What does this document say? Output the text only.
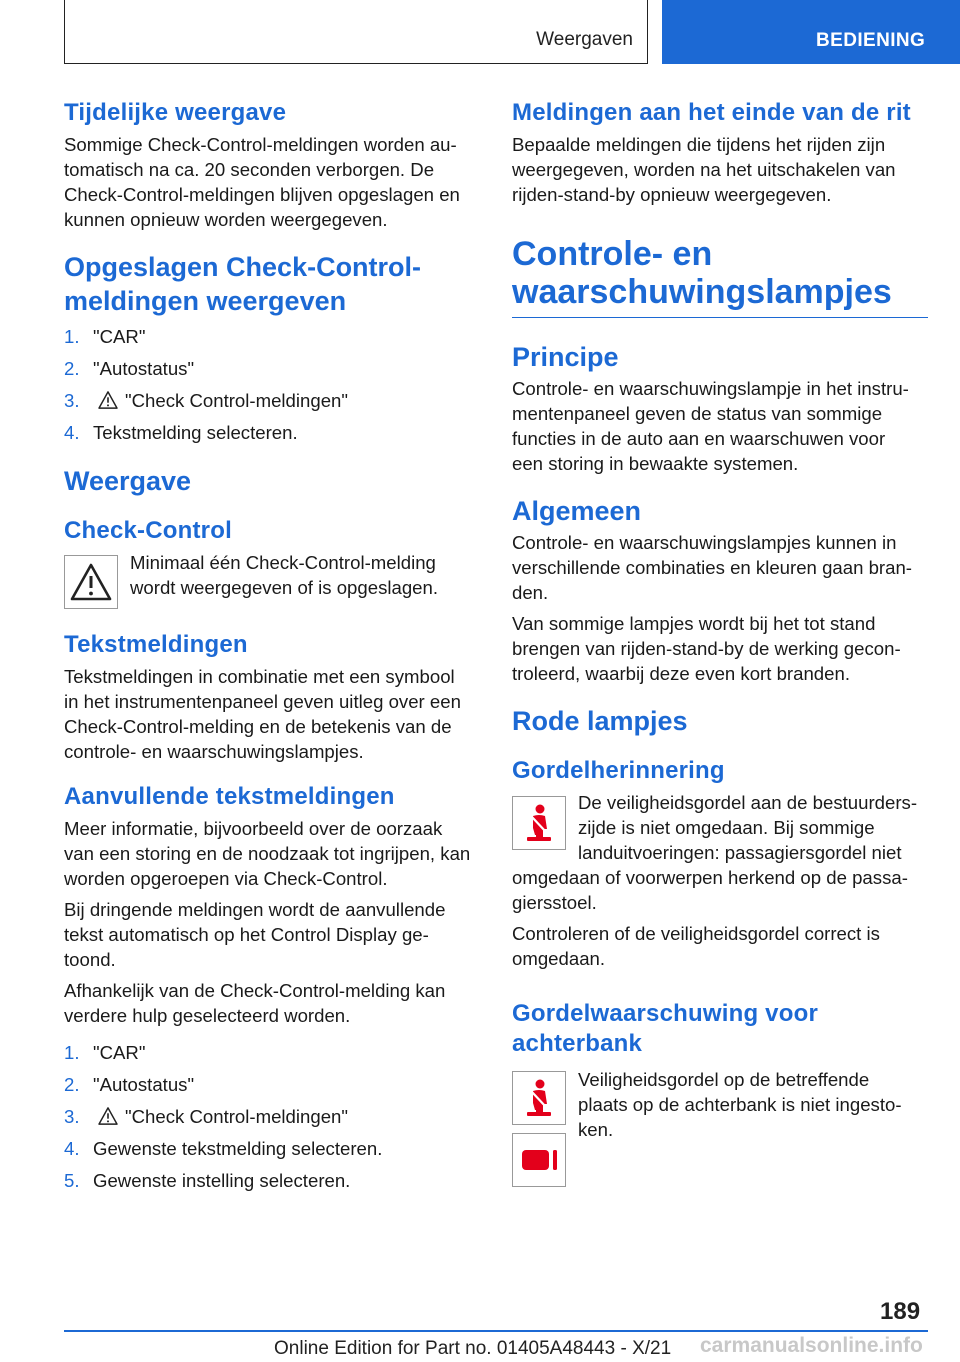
Weergaven	BEDIENING
Tijdelijke weergave

Sommige Check-Control-meldingen worden au‐
tomatisch na ca. 20 seconden verborgen. De
Check-Control-meldingen blijven opgeslagen en
kunnen opnieuw worden weergegeven.

Opgeslagen Check-Control-
meldingen weergeven
1. "CAR"
2. "Autostatus"
3. "Check Control-meldingen"
4. Tekstmelding selecteren.
Weergave
Check-Control

Minimaal één Check-Control-melding
wordt weergegeven of is opgeslagen.

Tekstmeldingen

Tekstmeldingen in combinatie met een symbool
in het instrumentenpaneel geven uitleg over een
Check-Control-melding en de betekenis van de
controle- en waarschuwingslampjes.

Aanvullende tekstmeldingen

Meer informatie, bijvoorbeeld over de oorzaak
van een storing en de noodzaak tot ingrijpen, kan
worden opgeroepen via Check-Control.

Bij dringende meldingen wordt de aanvullende
tekst automatisch op het Control Display ge‐
toond.

Afhankelijk van de Check-Control-melding kan
verdere hulp geselecteerd worden.

1. "CAR"
2. "Autostatus"
3. "Check Control-meldingen"
4. Gewenste tekstmelding selecteren.
5. Gewenste instelling selecteren.
Meldingen aan het einde van de rit

Bepaalde meldingen die tijdens het rijden zijn
weergegeven, worden na het uitschakelen van
rijden-stand-by opnieuw weergegeven.

Controle- en
waarschuwingslampjes
Principe

Controle- en waarschuwingslampje in het instru‐
mentenpaneel geven de status van sommige
functies in de auto aan en waarschuwen voor
een storing in bewaakte systemen.

Algemeen

Controle- en waarschuwingslampjes kunnen in
verschillende combinaties en kleuren gaan bran‐
den.

Van sommige lampjes wordt bij het tot stand
brengen van rijden-stand-by de werking gecon‐
troleerd, waarbij deze even kort branden.

Rode lampjes
Gordelherinnering

De veiligheidsgordel aan de bestuurders‐
zijde is niet omgedaan. Bij sommige
landuitvoeringen: passagiersgordel niet
omgedaan of voorwerpen herkend op de passa‐
giersstoel.

Controleren of de veiligheidsgordel correct is
omgedaan.

Gordelwaarschuwing voor
achterbank

Veiligheidsgordel op de betreffende
plaats op de achterbank is niet ingesto‐
ken.

189
Online Edition for Part no. 01405A48443 - X/21 carmanualsonline.info
